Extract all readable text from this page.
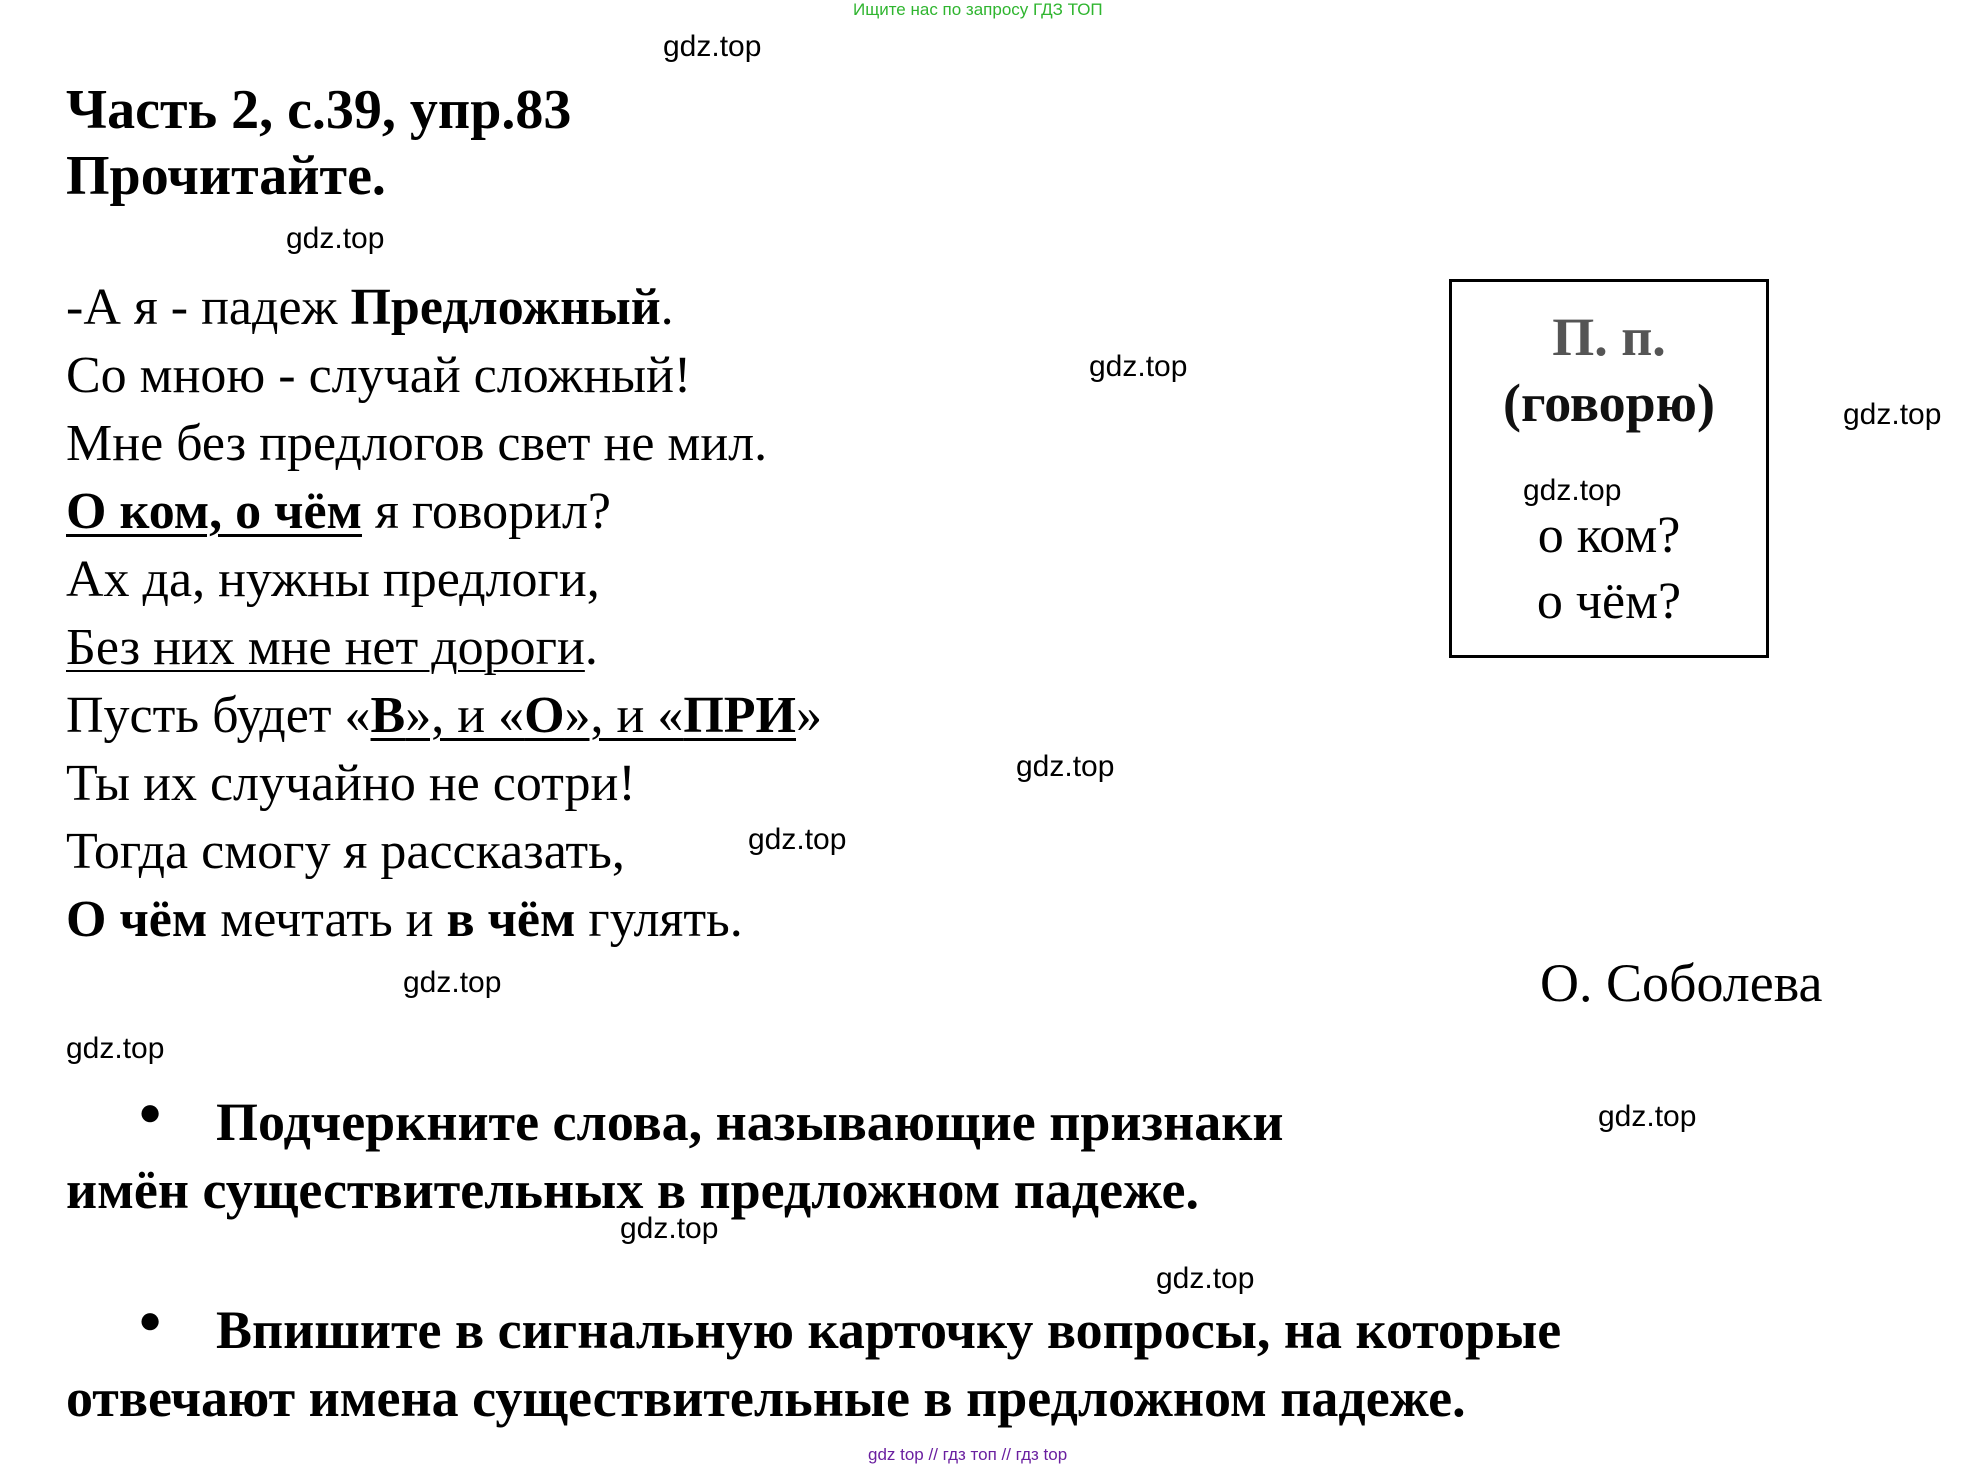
Ищите нас по запросу ГДЗ ТОП
Часть 2, с.39, упр.83
Прочитайте.
-А я - падеж Предложный.
Со мною - случай сложный!
Мне без предлогов свет не мил.
О ком, о чём я говорил?
Ах да, нужны предлоги,
Без них мне нет дороги.
Пусть будет «В», и «О», и «ПРИ»
Ты их случайно не сотри!
Тогда смогу я рассказать,
О чём мечтать и в чём гулять.
О. Соболева
П. п.
(говорю)
о ком?
о чём?
● Подчеркните слова, называющие признаки
имён существительных в предложном падеже.
● Впишите в сигнальную карточку вопросы, на которые
отвечают имена существительные в предложном падеже.
gdz.top
gdz.top
gdz.top
gdz.top
gdz.top
gdz.top
gdz.top
gdz.top
gdz.top
gdz.top
gdz.top
gdz.top
gdz top // гдз топ // гдз top
